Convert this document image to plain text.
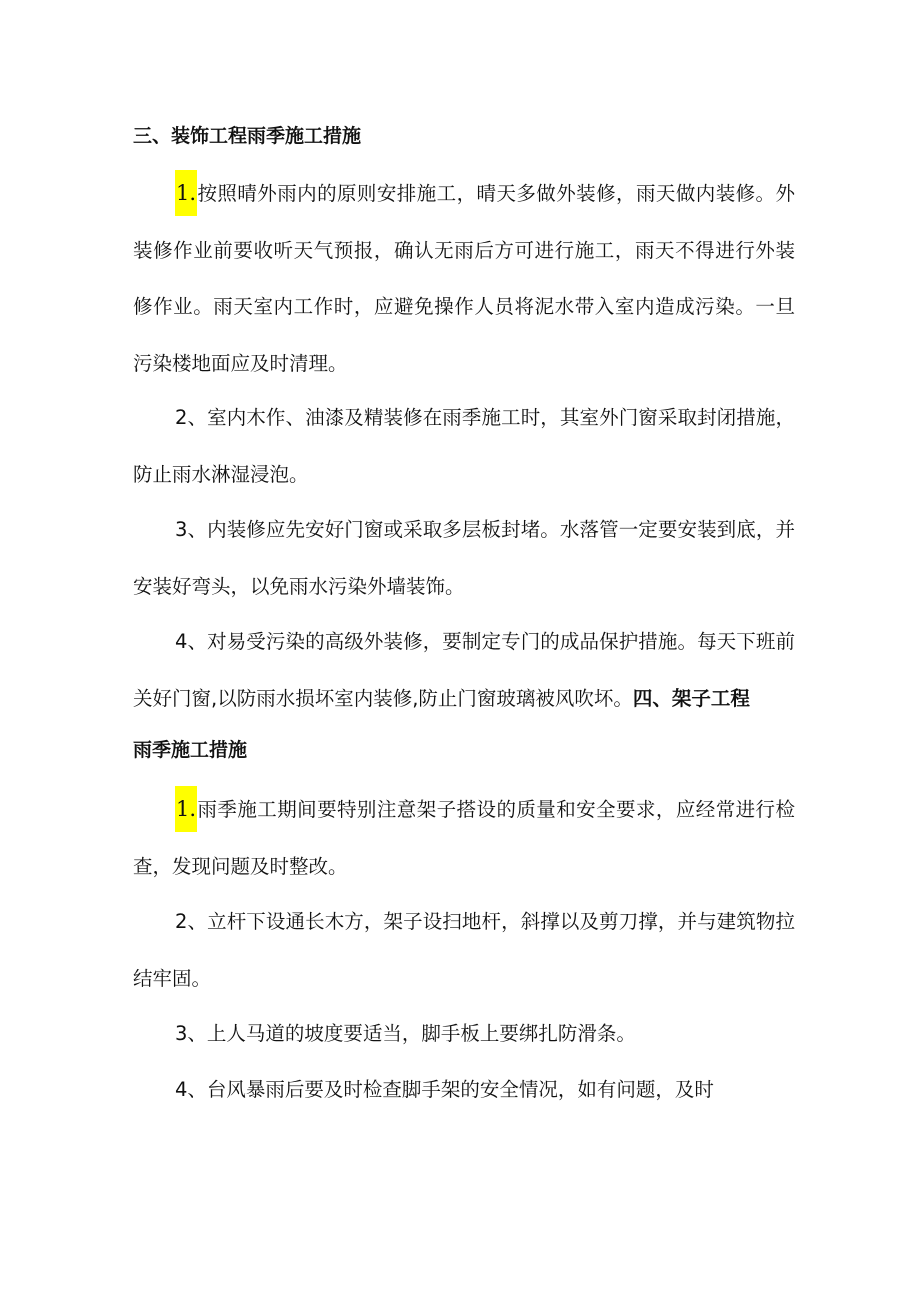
三、装饰工程雨季施工措施
1.按照晴外雨内的原则安排施工，晴天多做外装修，雨天做内装修。外装修作业前要收听天气预报，确认无雨后方可进行施工，雨天不得进行外装修作业。雨天室内工作时，应避免操作人员将泥水带入室内造成污染。一旦污染楼地面应及时清理。
2、室内木作、油漆及精装修在雨季施工时，其室外门窗采取封闭措施，防止雨水淋湿浸泡。
3、内装修应先安好门窗或采取多层板封堵。水落管一定要安装到底，并安装好弯头，以免雨水污染外墙装饰。
4、对易受污染的高级外装修，要制定专门的成品保护措施。每天下班前关好门窗,以防雨水损坏室内装修,防止门窗玻璃被风吹坏。四、架子工程
雨季施工措施
1.雨季施工期间要特别注意架子搭设的质量和安全要求，应经常进行检查，发现问题及时整改。
2、立杆下设通长木方，架子设扫地杆，斜撑以及剪刀撑，并与建筑物拉结牢固。
3、上人马道的坡度要适当，脚手板上要绑扎防滑条。
4、台风暴雨后要及时检查脚手架的安全情况，如有问题，及时
